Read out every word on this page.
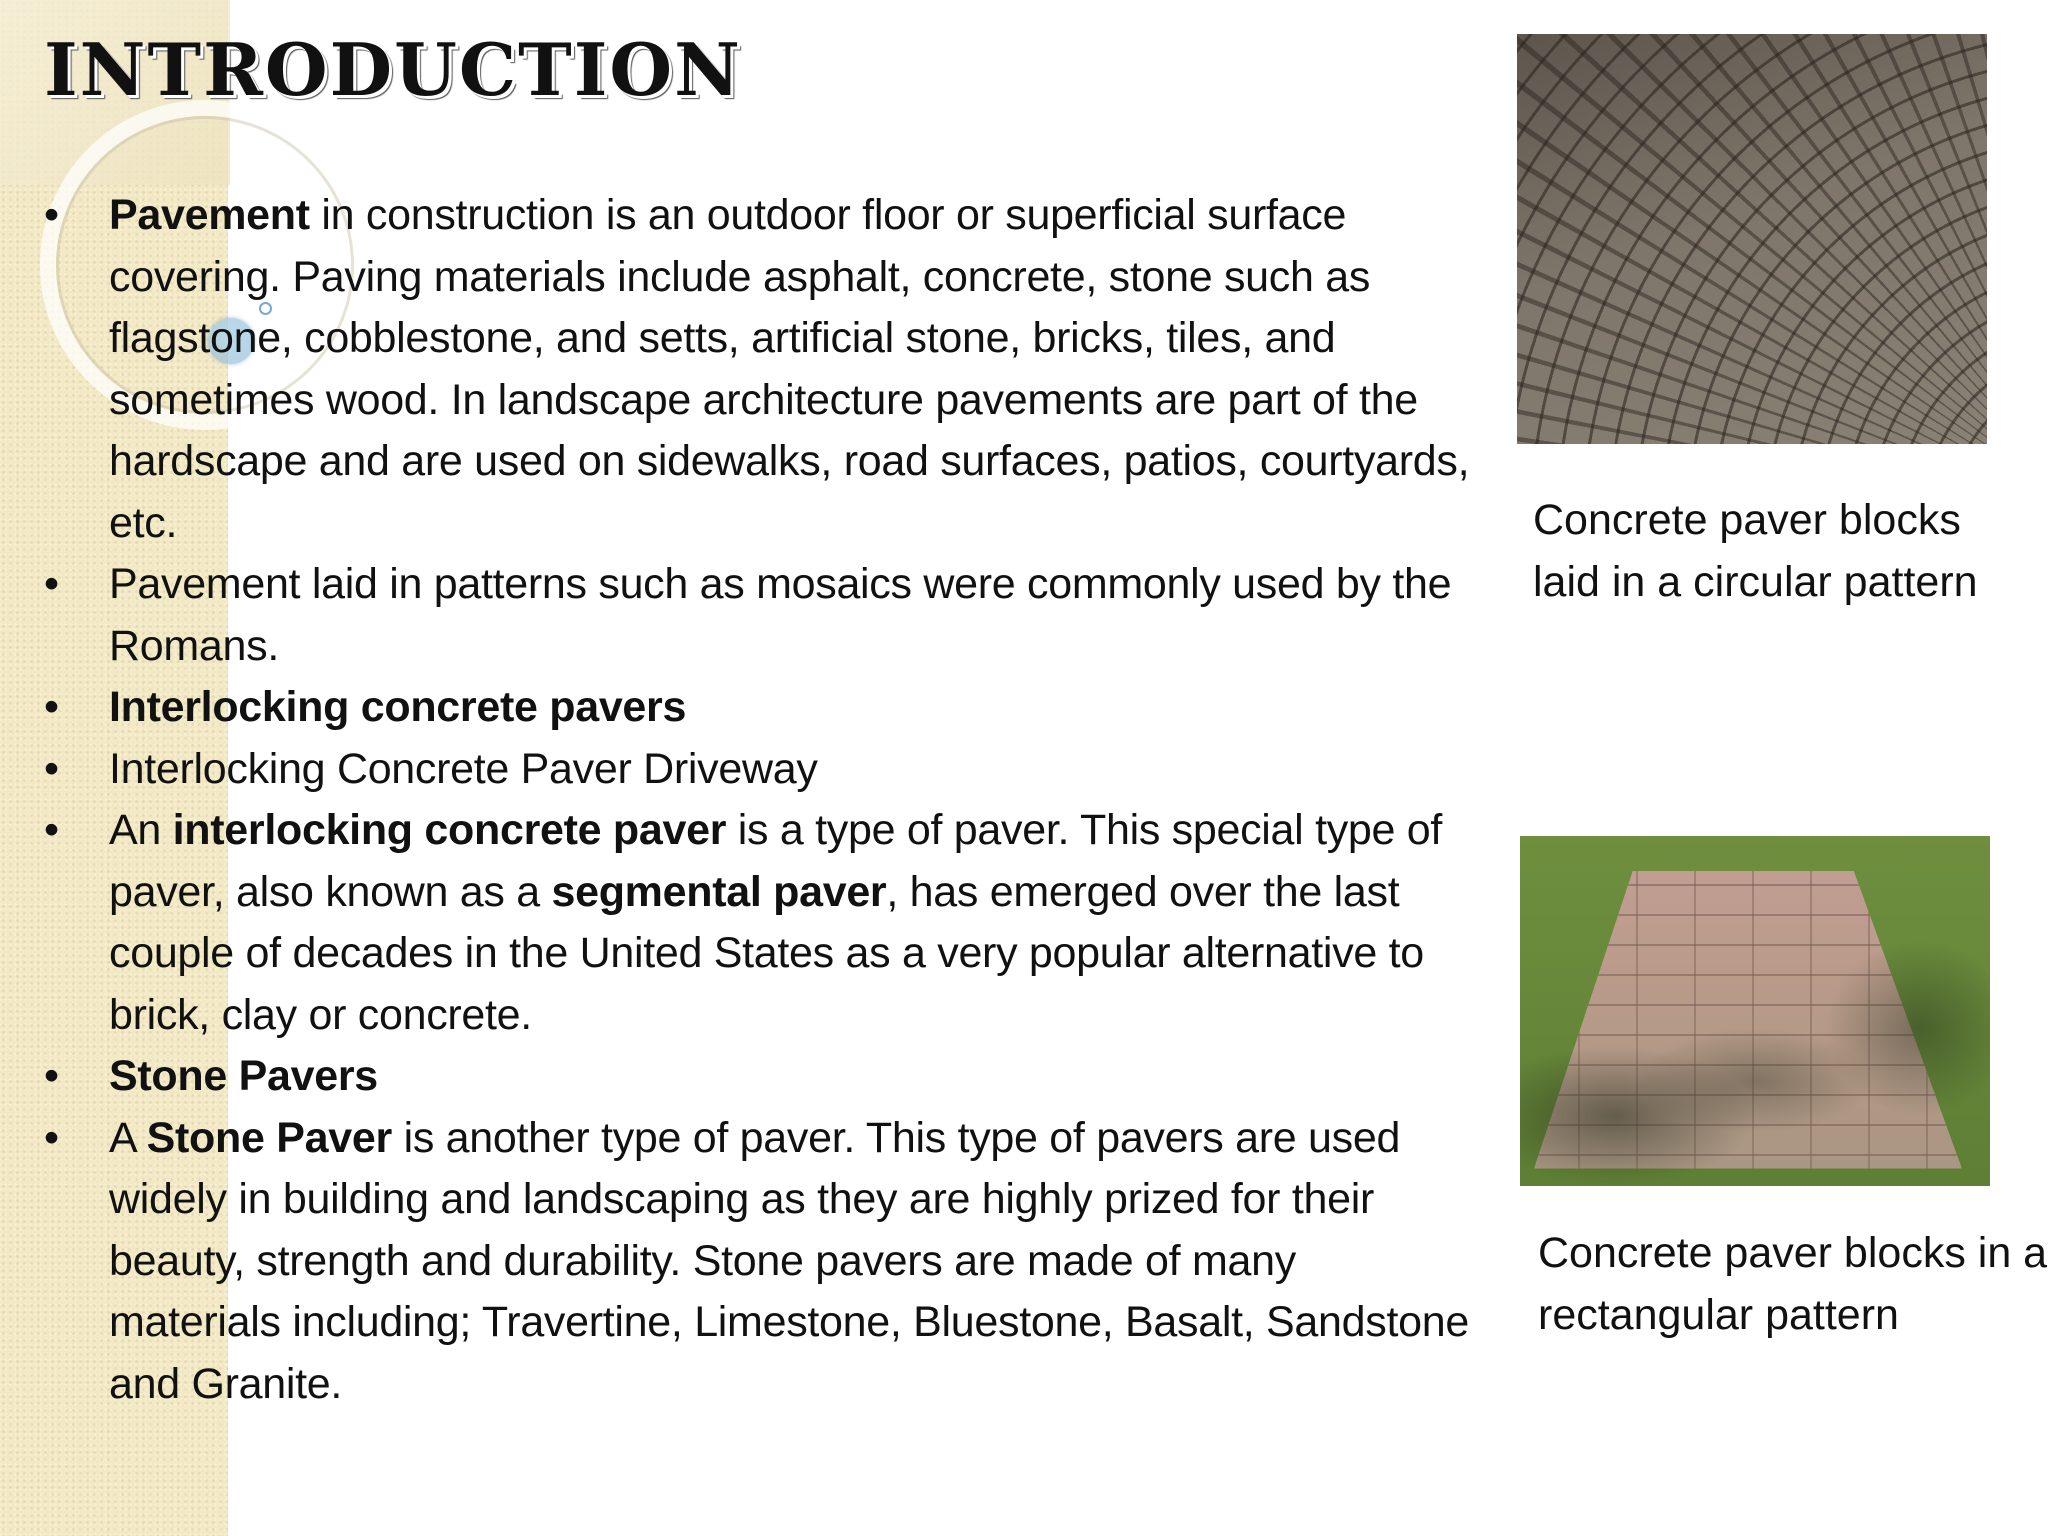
INTRODUCTION
• Pavement in construction is an outdoor floor or superficial surface covering. Paving materials include asphalt, concrete, stone such as flagstone, cobblestone, and setts, artificial stone, bricks, tiles, and sometimes wood. In landscape architecture pavements are part of the hardscape and are used on sidewalks, road surfaces, patios, courtyards, etc.
• Pavement laid in patterns such as mosaics were commonly used by the Romans.
• Interlocking concrete pavers
• Interlocking Concrete Paver Driveway
• An interlocking concrete paver is a type of paver. This special type of paver, also known as a segmental paver, has emerged over the last couple of decades in the United States as a very popular alternative to brick, clay or concrete.
• Stone Pavers
• A Stone Paver is another type of paver. This type of pavers are used widely in building and landscaping as they are highly prized for their beauty, strength and durability. Stone pavers are made of many materials including; Travertine, Limestone, Bluestone, Basalt, Sandstone and Granite.

Concrete paver blocks laid in a circular pattern

Concrete paver blocks in a rectangular pattern
